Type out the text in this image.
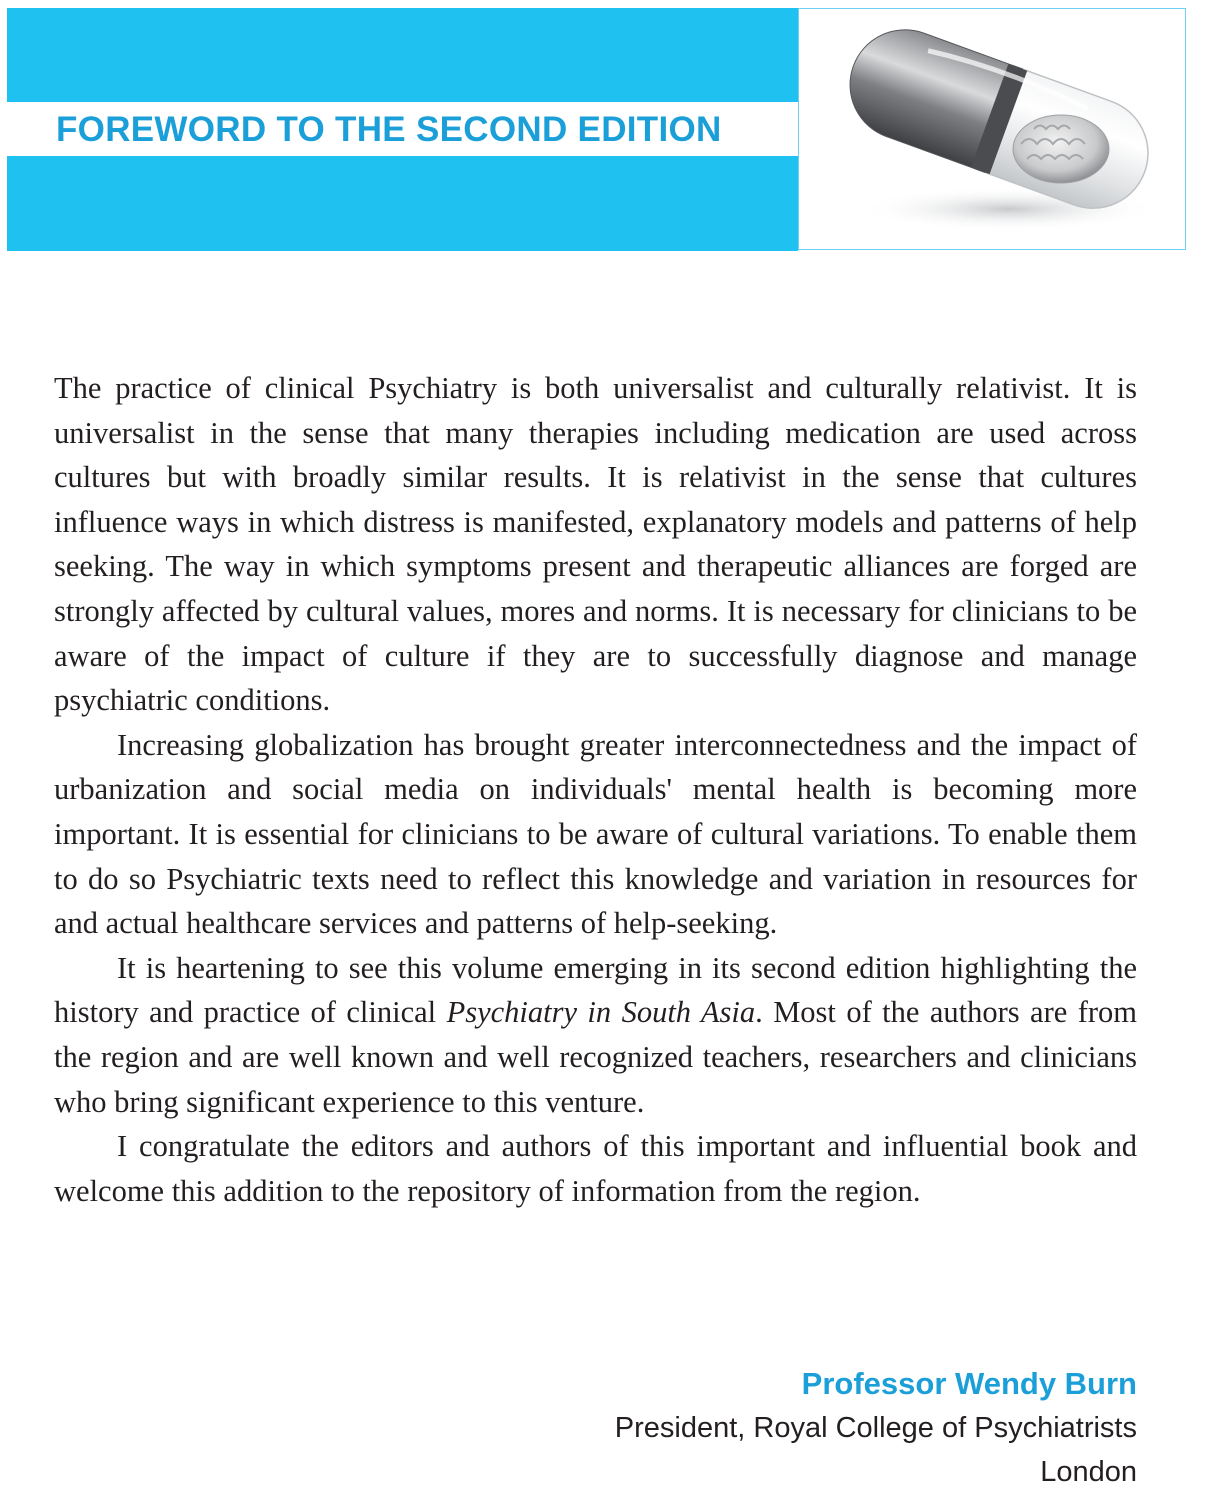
FOREWORD TO THE SECOND EDITION

The practice of clinical Psychiatry is both universalist and culturally relativist. It is universalist in the sense that many therapies including medication are used across cultures but with broadly similar results. It is relativist in the sense that cultures influence ways in which distress is manifested, explanatory models and patterns of help seeking. The way in which symptoms present and therapeutic alliances are forged are strongly affected by cultural values, mores and norms. It is necessary for clinicians to be aware of the impact of culture if they are to successfully diagnose and manage psychiatric conditions.

Increasing globalization has brought greater interconnectedness and the impact of urbanization and social media on individuals' mental health is becoming more important. It is essential for clinicians to be aware of cultural variations. To enable them to do so Psychiatric texts need to reflect this knowledge and variation in resources for and actual healthcare services and patterns of help-seeking.

It is heartening to see this volume emerging in its second edition highlighting the history and practice of clinical Psychiatry in South Asia. Most of the authors are from the region and are well known and well recognized teachers, researchers and clinicians who bring significant experience to this venture.

I congratulate the editors and authors of this important and influential book and welcome this addition to the repository of information from the region.

Professor Wendy Burn
President, Royal College of Psychiatrists
London
